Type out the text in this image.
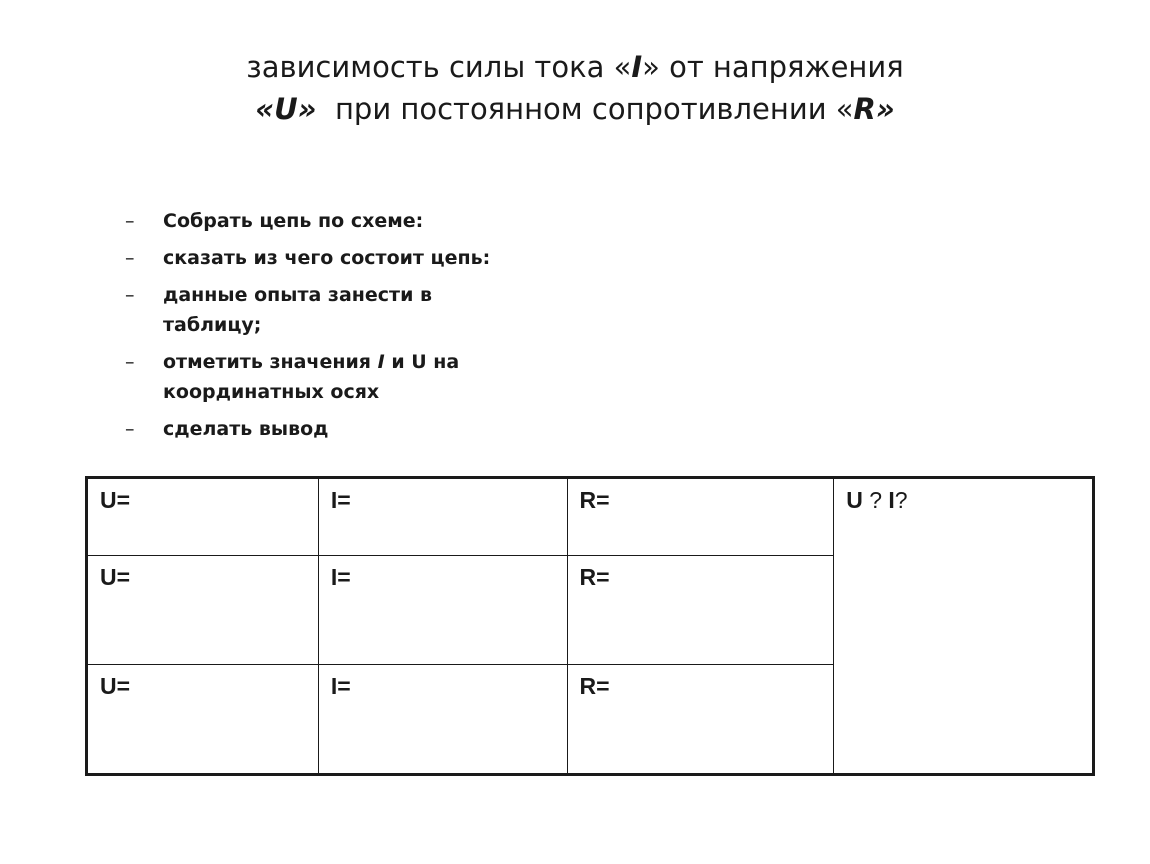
зависимость силы тока «I» от напряжения
«U»  при постоянном сопротивлении «R»
– Собрать цепь по схеме:
– сказать из чего состоит цепь:
– данные опыта занести в таблицу;
– отметить значения I и U на координатных осях
– сделать вывод
U=	I=	R=	U ? I?
U=	I=	R=	
U=	I=	R=	
